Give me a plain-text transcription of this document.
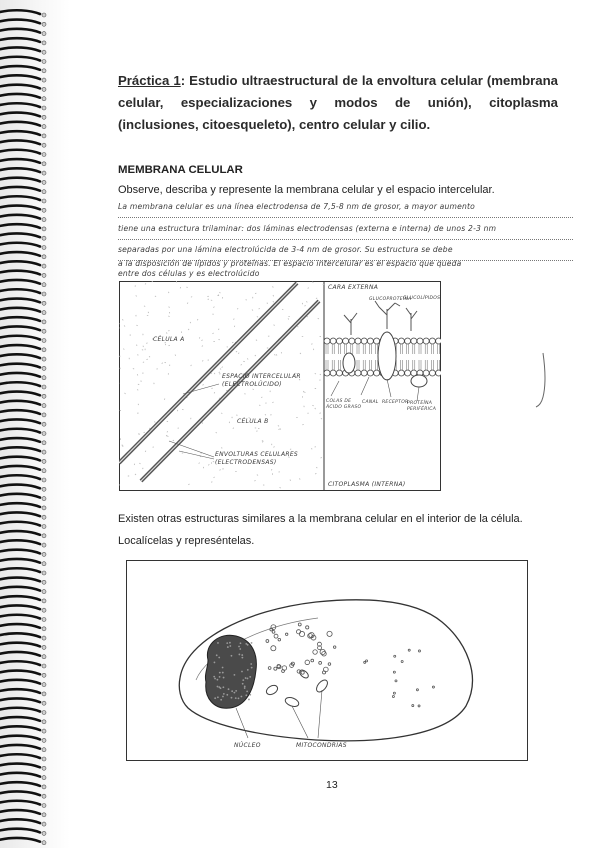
Práctica 1: Estudio ultraestructural de la envoltura celular (membrana celular, especializaciones y modos de unión), citoplasma (inclusiones, citoesqueleto), centro celular y cilio.
MEMBRANA CELULAR
Observe, describa y represente la membrana celular y el espacio intercelular.
La membrana celular es una línea electrodensa de 7,5-8 nm de grosor, a mayor aumento
tiene una estructura trilaminar: dos láminas electrodensas (externa e interna) de unos 2-3 nm
separadas por una lámina electrolúcida de 3-4 nm de grosor. Su estructura se debe
a la disposición de lípidos y proteínas. El espacio intercelular es el espacio que queda
entre dos células y es electrolúcido
CÉLULA A
ESPACIO INTERCELULAR (ELECTROLÚCIDO)
CÉLULA B
ENVOLTURAS CELULARES (ELECTRODENSAS)
CARA EXTERNA
GLUCOPROTEÍNA
GLUCOLÍPIDOS
COLAS DE ÁCIDO GRASO
CANAL RECEPTOR
PROTEÍNA PERIFÉRICA
CITOPLASMA (INTERNA)
Existen otras estructuras similares a la membrana celular en el interior de la célula.
Localícelas y represéntelas.
NÚCLEO	MITOCONDRIAS
13
